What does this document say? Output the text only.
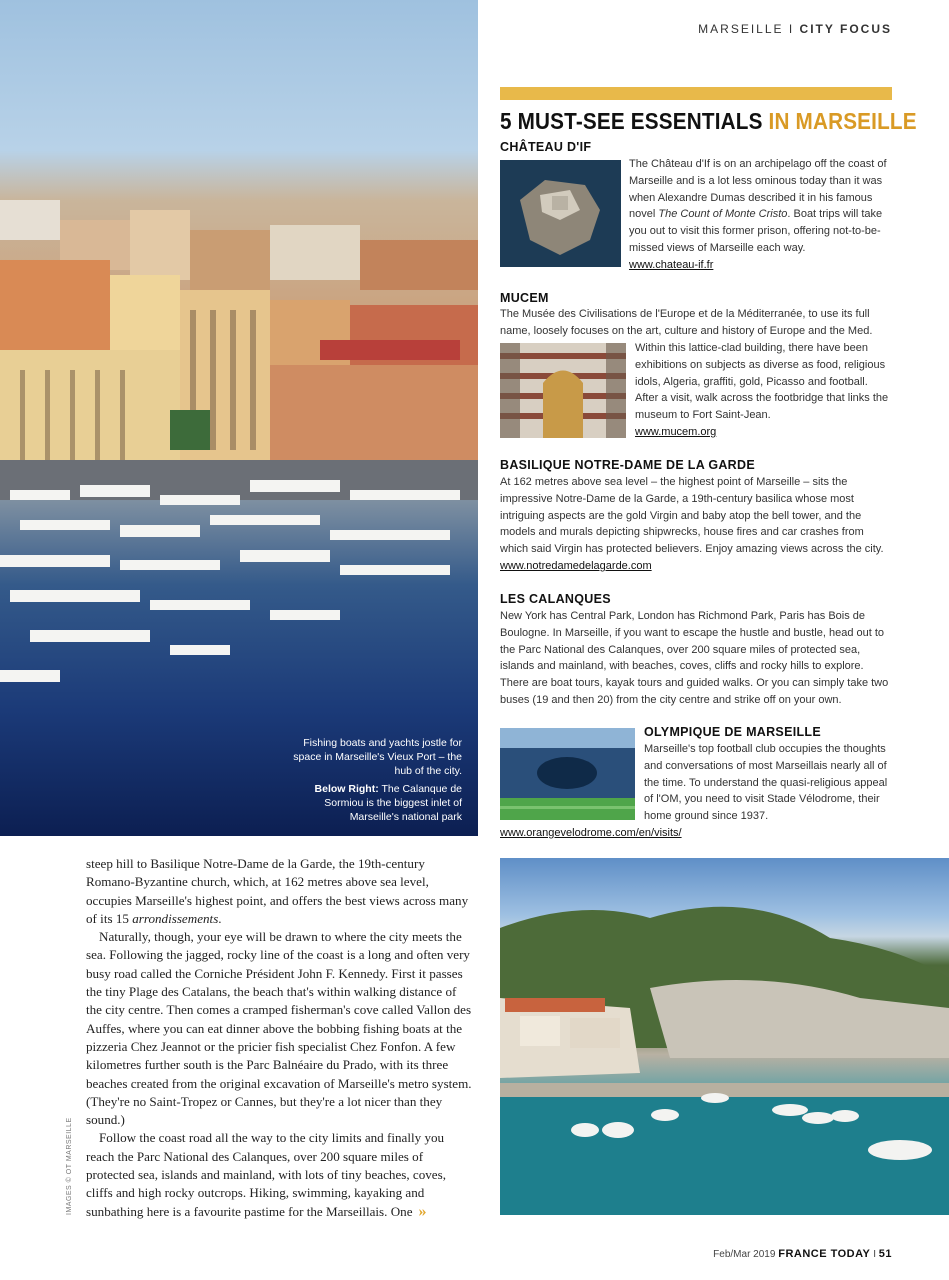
Fishing boats and yachts jostle for space in Marseille's Vieux Port – the hub of the city.

Below Right: The Calanque de Sormiou is the biggest inlet of Marseille's national park

MARSEILLE I CITY FOCUS
5 MUST-SEE ESSENTIALS IN MARSEILLE
CHÂTEAU D'IF
The Château d'If is on an archipelago off the coast of Marseille and is a lot less ominous today than it was when Alexandre Dumas described it in his famous novel The Count of Monte Cristo. Boat trips will take you out to visit this former prison, offering not-to-be-missed views of Marseille each way.
www.chateau-if.fr
MUCEM
The Musée des Civilisations de l'Europe et de la Méditerranée, to use its full name, loosely focuses on the art, culture and history of Europe and the Med.
Within this lattice-clad building, there have been exhibitions on subjects as diverse as food, religious idols, Algeria, graffiti, gold, Picasso and football. After a visit, walk across the footbridge that links the museum to Fort Saint-Jean.
www.mucem.org
BASILIQUE NOTRE-DAME DE LA GARDE
At 162 metres above sea level – the highest point of Marseille – sits the impressive Notre-Dame de la Garde, a 19th-century basilica whose most intriguing aspects are the gold Virgin and baby atop the bell tower, and the models and murals depicting shipwrecks, house fires and car crashes from which said Virgin has protected believers. Enjoy amazing views across the city.
www.notredamedelagarde.com
LES CALANQUES
New York has Central Park, London has Richmond Park, Paris has Bois de Boulogne. In Marseille, if you want to escape the hustle and bustle, head out to the Parc National des Calanques, over 200 square miles of protected sea, islands and mainland, with beaches, coves, cliffs and rocky hills to explore. There are boat tours, kayak tours and guided walks. Or you can simply take two buses (19 and then 20) from the city centre and strike off on your own.
OLYMPIQUE DE MARSEILLE
Marseille's top football club occupies the thoughts and conversations of most Marseillais nearly all of the time. To understand the quasi-religious appeal of l'OM, you need to visit Stade Vélodrome, their home ground since 1937.
www.orangevelodrome.com/en/visits/

steep hill to Basilique Notre-Dame de la Garde, the 19th-century Romano-Byzantine church, which, at 162 metres above sea level, occupies Marseille's highest point, and offers the best views across many of its 15 arrondissements.

Naturally, though, your eye will be drawn to where the city meets the sea. Following the jagged, rocky line of the coast is a long and often very busy road called the Corniche Président John F. Kennedy. First it passes the tiny Plage des Catalans, the beach that's within walking distance of the city centre. Then comes a cramped fisherman's cove called Vallon des Auffes, where you can eat dinner above the bobbing fishing boats at the pizzeria Chez Jeannot or the pricier fish specialist Chez Fonfon. A few kilometres further south is the Parc Balnéaire du Prado, with its three beaches created from the original excavation of Marseille's metro system. (They're no Saint-Tropez or Cannes, but they're a lot nicer than they sound.)

Follow the coast road all the way to the city limits and finally you reach the Parc National des Calanques, over 200 square miles of protected sea, islands and mainland, with lots of tiny beaches, coves, cliffs and high rocky outcrops. Hiking, swimming, kayaking and sunbathing here is a favourite pastime for the Marseillais. One »

IMAGES © OT MARSEILLE
Feb/Mar 2019 FRANCE TODAY I 51
